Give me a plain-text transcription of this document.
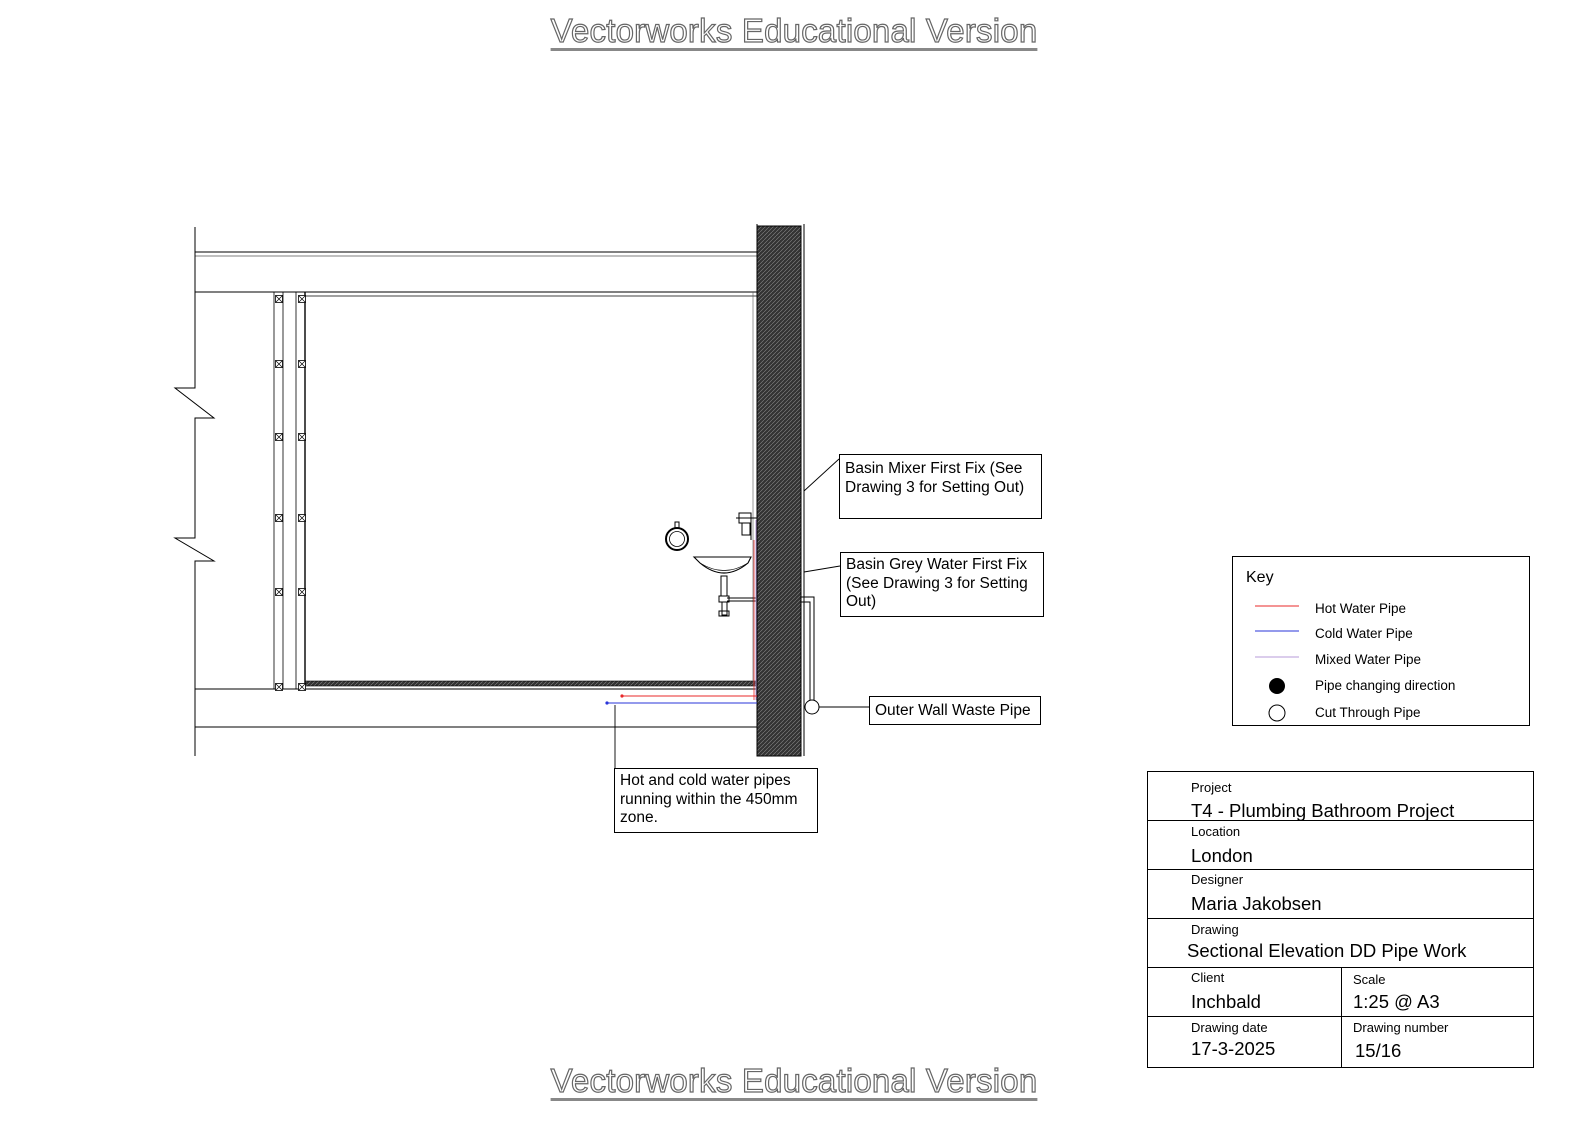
Vectorworks Educational Version
Vectorworks Educational Version
Basin Mixer First Fix (See
Drawing 3 for Setting Out)
Basin Grey Water First Fix
(See Drawing 3 for Setting
Out)
Outer Wall Waste Pipe
Hot and cold water pipes
running within the 450mm
zone.
Key
Hot Water Pipe
Cold Water Pipe
Mixed Water Pipe
Pipe changing direction
Cut Through Pipe
Project
T4 - Plumbing Bathroom Project
Location
London
Designer
Maria Jakobsen
Drawing
Sectional Elevation DD Pipe Work
Client
Inchbald
Scale
1:25 @ A3
Drawing date
17-3-2025
Drawing number
15/16
